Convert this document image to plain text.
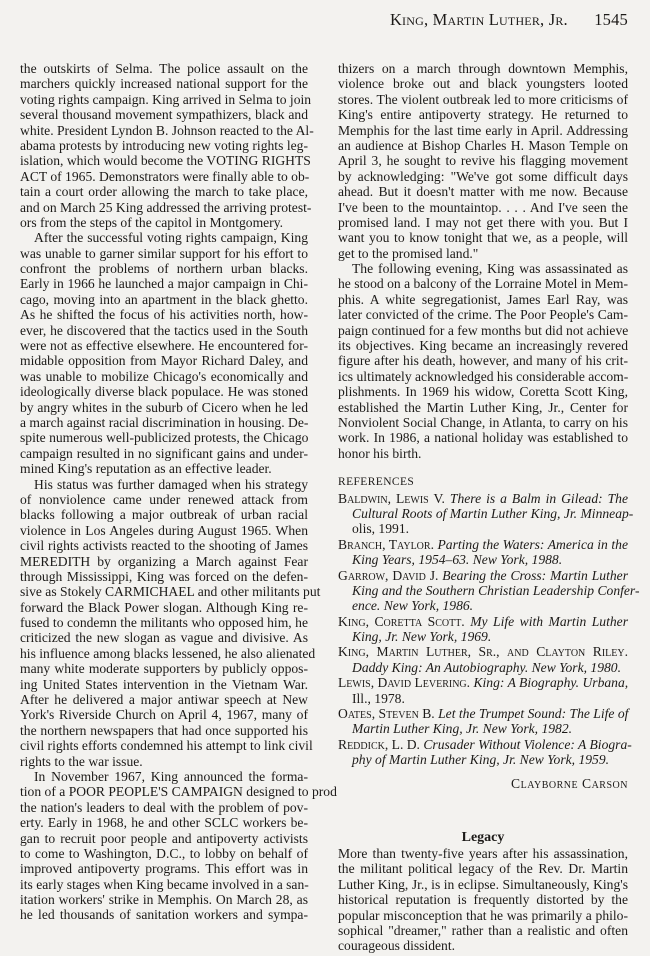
King, Martin Luther, Jr. 1545
the outskirts of Selma. The police assault on the
marchers quickly increased national support for the
voting rights campaign. King arrived in Selma to join
several thousand movement sympathizers, black and
white. President Lyndon B. Johnson reacted to the Al-
abama protests by introducing new voting rights leg-
islation, which would become the VOTING RIGHTS
ACT of 1965. Demonstrators were finally able to ob-
tain a court order allowing the march to take place,
and on March 25 King addressed the arriving protest-
ors from the steps of the capitol in Montgomery.
After the successful voting rights campaign, King
was unable to garner similar support for his effort to
confront the problems of northern urban blacks.
Early in 1966 he launched a major campaign in Chi-
cago, moving into an apartment in the black ghetto.
As he shifted the focus of his activities north, how-
ever, he discovered that the tactics used in the South
were not as effective elsewhere. He encountered for-
midable opposition from Mayor Richard Daley, and
was unable to mobilize Chicago's economically and
ideologically diverse black populace. He was stoned
by angry whites in the suburb of Cicero when he led
a march against racial discrimination in housing. De-
spite numerous well-publicized protests, the Chicago
campaign resulted in no significant gains and under-
mined King's reputation as an effective leader.
His status was further damaged when his strategy
of nonviolence came under renewed attack from
blacks following a major outbreak of urban racial
violence in Los Angeles during August 1965. When
civil rights activists reacted to the shooting of James
MEREDITH by organizing a March against Fear
through Mississippi, King was forced on the defen-
sive as Stokely CARMICHAEL and other militants put
forward the Black Power slogan. Although King re-
fused to condemn the militants who opposed him, he
criticized the new slogan as vague and divisive. As
his influence among blacks lessened, he also alienated
many white moderate supporters by publicly oppos-
ing United States intervention in the Vietnam War.
After he delivered a major antiwar speech at New
York's Riverside Church on April 4, 1967, many of
the northern newspapers that had once supported his
civil rights efforts condemned his attempt to link civil
rights to the war issue.
In November 1967, King announced the forma-
tion of a POOR PEOPLE'S CAMPAIGN designed to prod
the nation's leaders to deal with the problem of pov-
erty. Early in 1968, he and other SCLC workers be-
gan to recruit poor people and antipoverty activists
to come to Washington, D.C., to lobby on behalf of
improved antipoverty programs. This effort was in
its early stages when King became involved in a san-
itation workers' strike in Memphis. On March 28, as
he led thousands of sanitation workers and sympa-
thizers on a march through downtown Memphis,
violence broke out and black youngsters looted
stores. The violent outbreak led to more criticisms of
King's entire antipoverty strategy. He returned to
Memphis for the last time early in April. Addressing
an audience at Bishop Charles H. Mason Temple on
April 3, he sought to revive his flagging movement
by acknowledging: "We've got some difficult days
ahead. But it doesn't matter with me now. Because
I've been to the mountaintop. . . . And I've seen the
promised land. I may not get there with you. But I
want you to know tonight that we, as a people, will
get to the promised land."
The following evening, King was assassinated as
he stood on a balcony of the Lorraine Motel in Mem-
phis. A white segregationist, James Earl Ray, was
later convicted of the crime. The Poor People's Cam-
paign continued for a few months but did not achieve
its objectives. King became an increasingly revered
figure after his death, however, and many of his crit-
ics ultimately acknowledged his considerable accom-
plishments. In 1969 his widow, Coretta Scott King,
established the Martin Luther King, Jr., Center for
Nonviolent Social Change, in Atlanta, to carry on his
work. In 1986, a national holiday was established to
honor his birth.
REFERENCES
Baldwin, Lewis V. There is a Balm in Gilead: The
Cultural Roots of Martin Luther King, Jr. Minneap-
olis, 1991.
Branch, Taylor. Parting the Waters: America in the
King Years, 1954–63. New York, 1988.
Garrow, David J. Bearing the Cross: Martin Luther
King and the Southern Christian Leadership Confer-
ence. New York, 1986.
King, Coretta Scott. My Life with Martin Luther
King, Jr. New York, 1969.
King, Martin Luther, Sr., and Clayton Riley.
Daddy King: An Autobiography. New York, 1980.
Lewis, David Levering. King: A Biography. Urbana,
Ill., 1978.
Oates, Steven B. Let the Trumpet Sound: The Life of
Martin Luther King, Jr. New York, 1982.
Reddick, L. D. Crusader Without Violence: A Biogra-
phy of Martin Luther King, Jr. New York, 1959.
Clayborne Carson
Legacy
More than twenty-five years after his assassination,
the militant political legacy of the Rev. Dr. Martin
Luther King, Jr., is in eclipse. Simultaneously, King's
historical reputation is frequently distorted by the
popular misconception that he was primarily a philo-
sophical "dreamer," rather than a realistic and often
courageous dissident.
